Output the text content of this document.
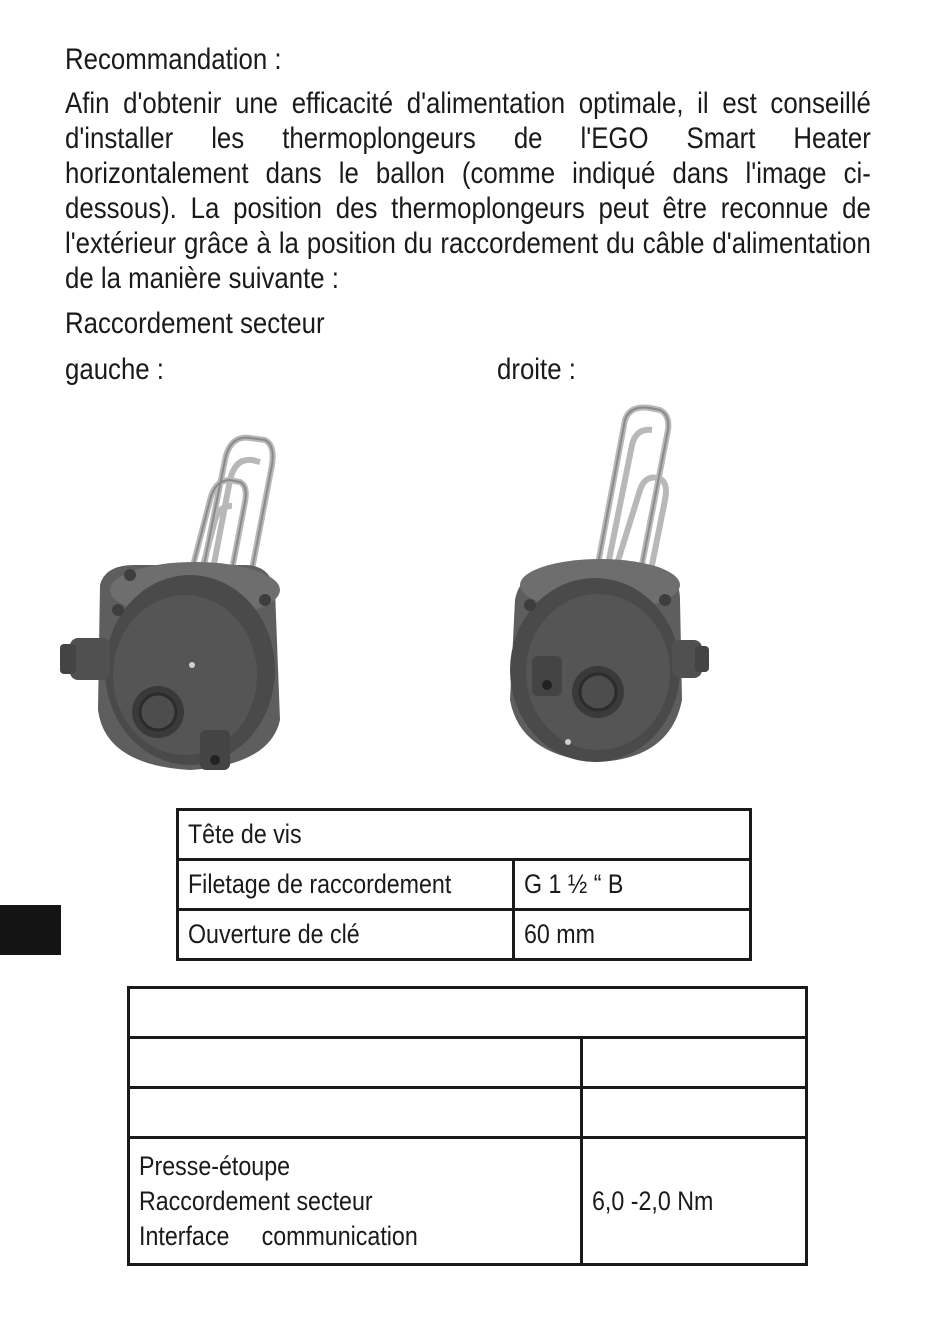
Recommandation :
Afin d'obtenir une efficacité d'alimentation optimale, il est conseillé d'installer les thermoplongeurs de l'EGO Smart Heater horizontalement dans le ballon (comme indiqué dans l'image ci-dessous). La position des thermoplongeurs peut être reconnue de l'extérieur grâce à la position du raccordement du câble d'alimentation de la manière suivante :
Raccordement secteur
gauche :	droite :
Tête de vis	
Filetage de raccordement	G 1 ½ “ B
Ouverture de clé	60 mm

Presse-étoupe
Raccordement secteur
Interface     communication	6,0 -2,0 Nm
